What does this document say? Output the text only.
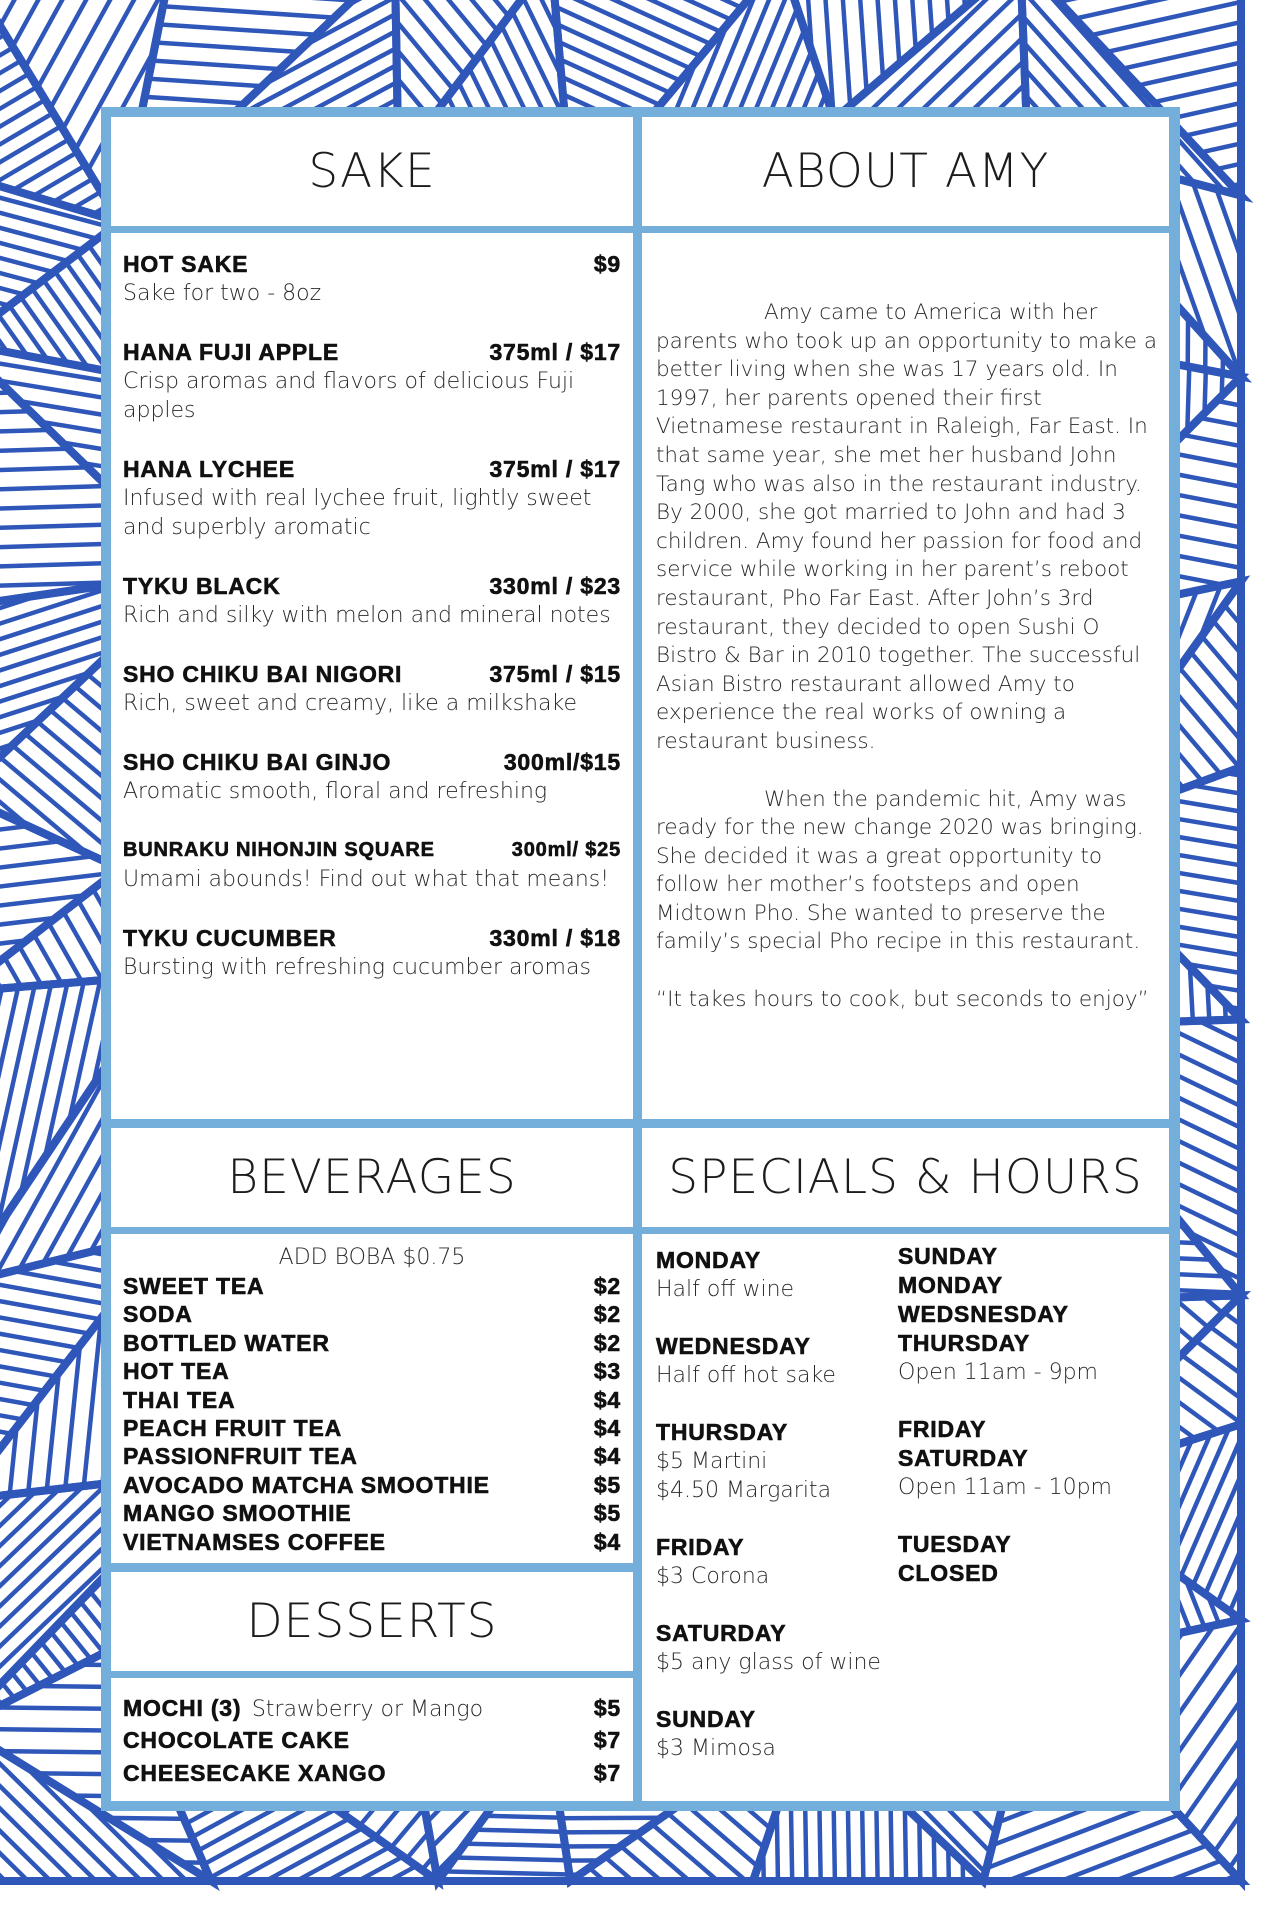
SAKE	ABOUT AMY
HOT SAKE	$9
Sake for two - 8oz
HANA FUJI APPLE	375ml / $17
Crisp aromas and flavors of delicious Fuji apples
HANA LYCHEE	375ml / $17
Infused with real lychee fruit, lightly sweet and superbly aromatic
TYKU BLACK	330ml / $23
Rich and silky with melon and mineral notes
SHO CHIKU BAI NIGORI	375ml / $15
Rich, sweet and creamy, like a milkshake
SHO CHIKU BAI GINJO	300ml/$15
Aromatic smooth, floral and refreshing
BUNRAKU NIHONJIN SQUARE	300ml/ $25
Umami abounds! Find out what that means!
TYKU CUCUMBER	330ml / $18
Bursting with refreshing cucumber aromas

Amy came to America with her parents who took up an opportunity to make a better living when she was 17 years old. In 1997, her parents opened their first Vietnamese restaurant in Raleigh, Far East. In that same year, she met her husband John Tang who was also in the restaurant industry. By 2000, she got married to John and had 3 children. Amy found her passion for food and service while working in her parent’s reboot restaurant, Pho Far East. After John’s 3rd restaurant, they decided to open Sushi O Bistro & Bar in 2010 together. The successful Asian Bistro restaurant allowed Amy to experience the real works of owning a restaurant business.

When the pandemic hit, Amy was ready for the new change 2020 was bringing. She decided it was a great opportunity to follow her mother’s footsteps and open Midtown Pho. She wanted to preserve the family’s special Pho recipe in this restaurant.

“It takes hours to cook, but seconds to enjoy”

BEVERAGES	SPECIALS & HOURS
ADD BOBA $0.75
SWEET TEA	$2
SODA	$2
BOTTLED WATER	$2
HOT TEA	$3
THAI TEA	$4
PEACH FRUIT TEA	$4
PASSIONFRUIT TEA	$4
AVOCADO MATCHA SMOOTHIE	$5
MANGO SMOOTHIE	$5
VIETNAMSES COFFEE	$4
DESSERTS
MOCHI (3) Strawberry or Mango	$5
CHOCOLATE CAKE	$7
CHEESECAKE XANGO	$7
MONDAY
Half off wine
WEDNESDAY
Half off hot sake
THURSDAY
$5 Martini
$4.50 Margarita
FRIDAY
$3 Corona
SATURDAY
$5 any glass of wine
SUNDAY
$3 Mimosa
SUNDAY
MONDAY
WEDSNESDAY
THURSDAY
Open 11am - 9pm
FRIDAY
SATURDAY
Open 11am - 10pm
TUESDAY
CLOSED
